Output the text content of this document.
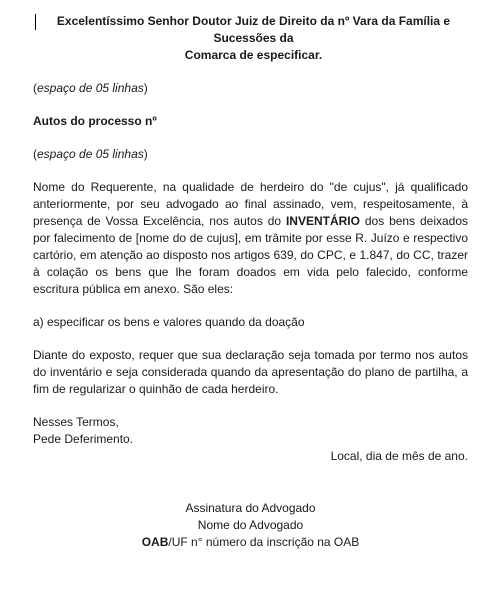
Excelentíssimo Senhor Doutor Juiz de Direito da nº Vara da Família e Sucessões da
Comarca de especificar.

(espaço de 05 linhas)

Autos do processo nº

(espaço de 05 linhas)

Nome do Requerente, na qualidade de herdeiro do "de cujus", já qualificado anteriormente, por seu advogado ao final assinado, vem, respeitosamente, à presença de Vossa Excelência, nos autos do INVENTÁRIO dos bens deixados por falecimento de [nome do de cujus], em trâmite por esse R. Juízo e respectivo cartório, em atenção ao disposto nos artigos 639, do CPC, e 1.847, do CC, trazer à colação os bens que lhe foram doados em vida pelo falecido, conforme escritura pública em anexo. São eles:

a) especificar os bens e valores quando da doação

Diante do exposto, requer que sua declaração seja tomada por termo nos autos do inventário e seja considerada quando da apresentação do plano de partilha, a fim de regularizar o quinhão de cada herdeiro.

Nesses Termos,
Pede Deferimento.

Local, dia de mês de ano.

Assinatura do Advogado
Nome do Advogado
OAB/UF n° número da inscrição na OAB
